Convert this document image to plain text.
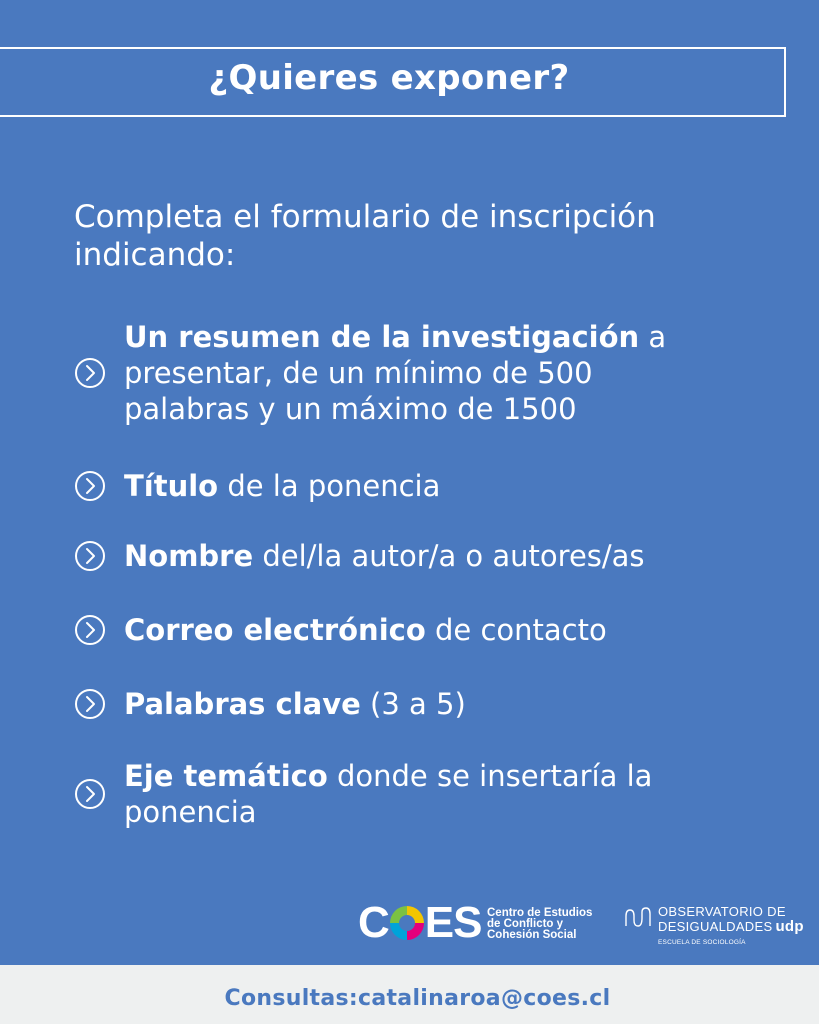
¿Quieres exponer?
Completa el formulario de inscripción indicando:
Un resumen de la investigación a presentar, de un mínimo de 500 palabras y un máximo de 1500
Título de la ponencia
Nombre del/la autor/a o autores/as
Correo electrónico de contacto
Palabras clave (3 a 5)
Eje temático donde se insertaría la ponencia
C ES Centro de Estudios
de Conflicto y
Cohesión Social
OBSERVATORIO DE
DESIGUALDADES udp
ESCUELA DE SOCIOLOGÍA
Consultas:catalinaroa@coes.cl
